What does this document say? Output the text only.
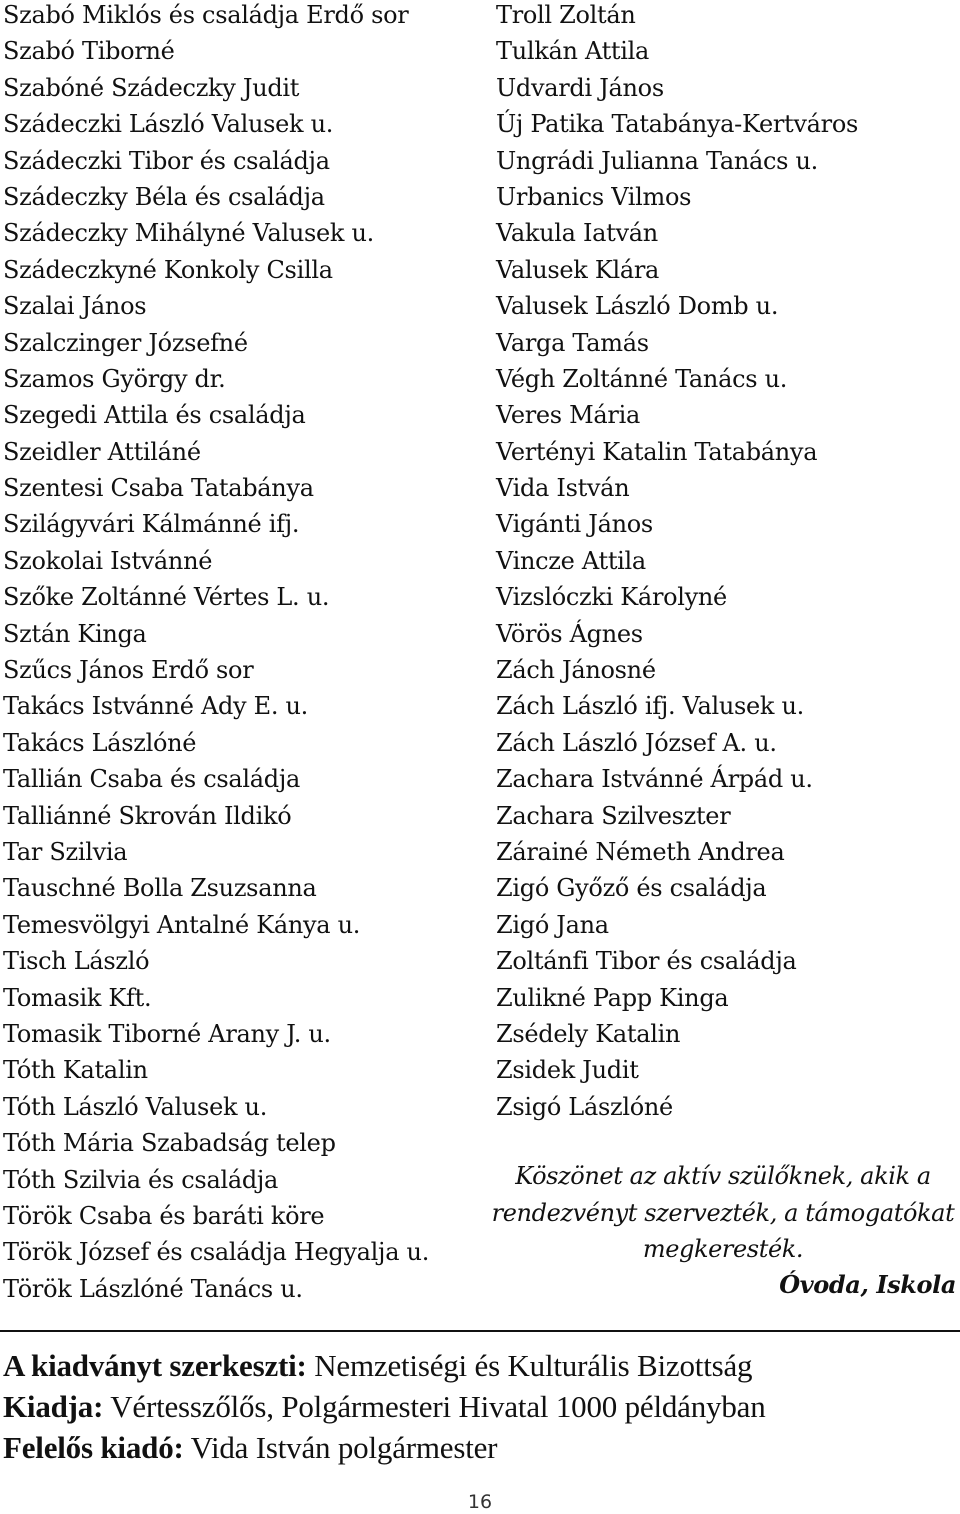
Szabó Miklós és családja Erdő sor
Szabó Tiborné
Szabóné Szádeczky Judit
Szádeczki László Valusek u.
Szádeczki Tibor és családja
Szádeczky Béla és családja
Szádeczky Mihályné Valusek u.
Szádeczkyné Konkoly Csilla
Szalai János
Szalczinger Józsefné
Szamos György dr.
Szegedi Attila és családja
Szeidler Attiláné
Szentesi Csaba Tatabánya
Szilágyvári Kálmánné ifj.
Szokolai Istvánné
Szőke Zoltánné Vértes L. u.
Sztán Kinga
Szűcs János Erdő sor
Takács Istvánné Ady E. u.
Takács Lászlóné
Tallián Csaba és családja
Talliánné Skrován Ildikó
Tar Szilvia
Tauschné Bolla Zsuzsanna
Temesvölgyi Antalné Kánya u.
Tisch László
Tomasik Kft.
Tomasik Tiborné Arany J. u.
Tóth Katalin
Tóth László Valusek u.
Tóth Mária Szabadság telep
Tóth Szilvia és családja
Török Csaba és baráti köre
Török József és családja Hegyalja u.
Török Lászlóné Tanács u.
Troll Zoltán
Tulkán Attila
Udvardi János
Új Patika Tatabánya-Kertváros
Ungrádi Julianna Tanács u.
Urbanics Vilmos
Vakula Iatván
Valusek Klára
Valusek László Domb u.
Varga Tamás
Végh Zoltánné Tanács u.
Veres Mária
Vertényi Katalin Tatabánya
Vida István
Vigánti János
Vincze Attila
Vizslóczki Károlyné
Vörös Ágnes
Zách Jánosné
Zách László ifj. Valusek u.
Zách László József A. u.
Zachara Istvánné Árpád u.
Zachara Szilveszter
Zárainé Németh Andrea
Zigó Győző és családja
Zigó Jana
Zoltánfi Tibor és családja
Zulikné Papp Kinga
Zsédely Katalin
Zsidek Judit
Zsigó Lászlóné

Köszönet az aktív szülőknek, akik a

rendezvényt szervezték, a támogatókat

megkeresték.

Óvoda, Iskola
A kiadványt szerkeszti: Nemzetiségi és Kulturális Bizottság
Kiadja: Vértesszőlős, Polgármesteri Hivatal 1000 példányban
Felelős kiadó: Vida István polgármester
16
